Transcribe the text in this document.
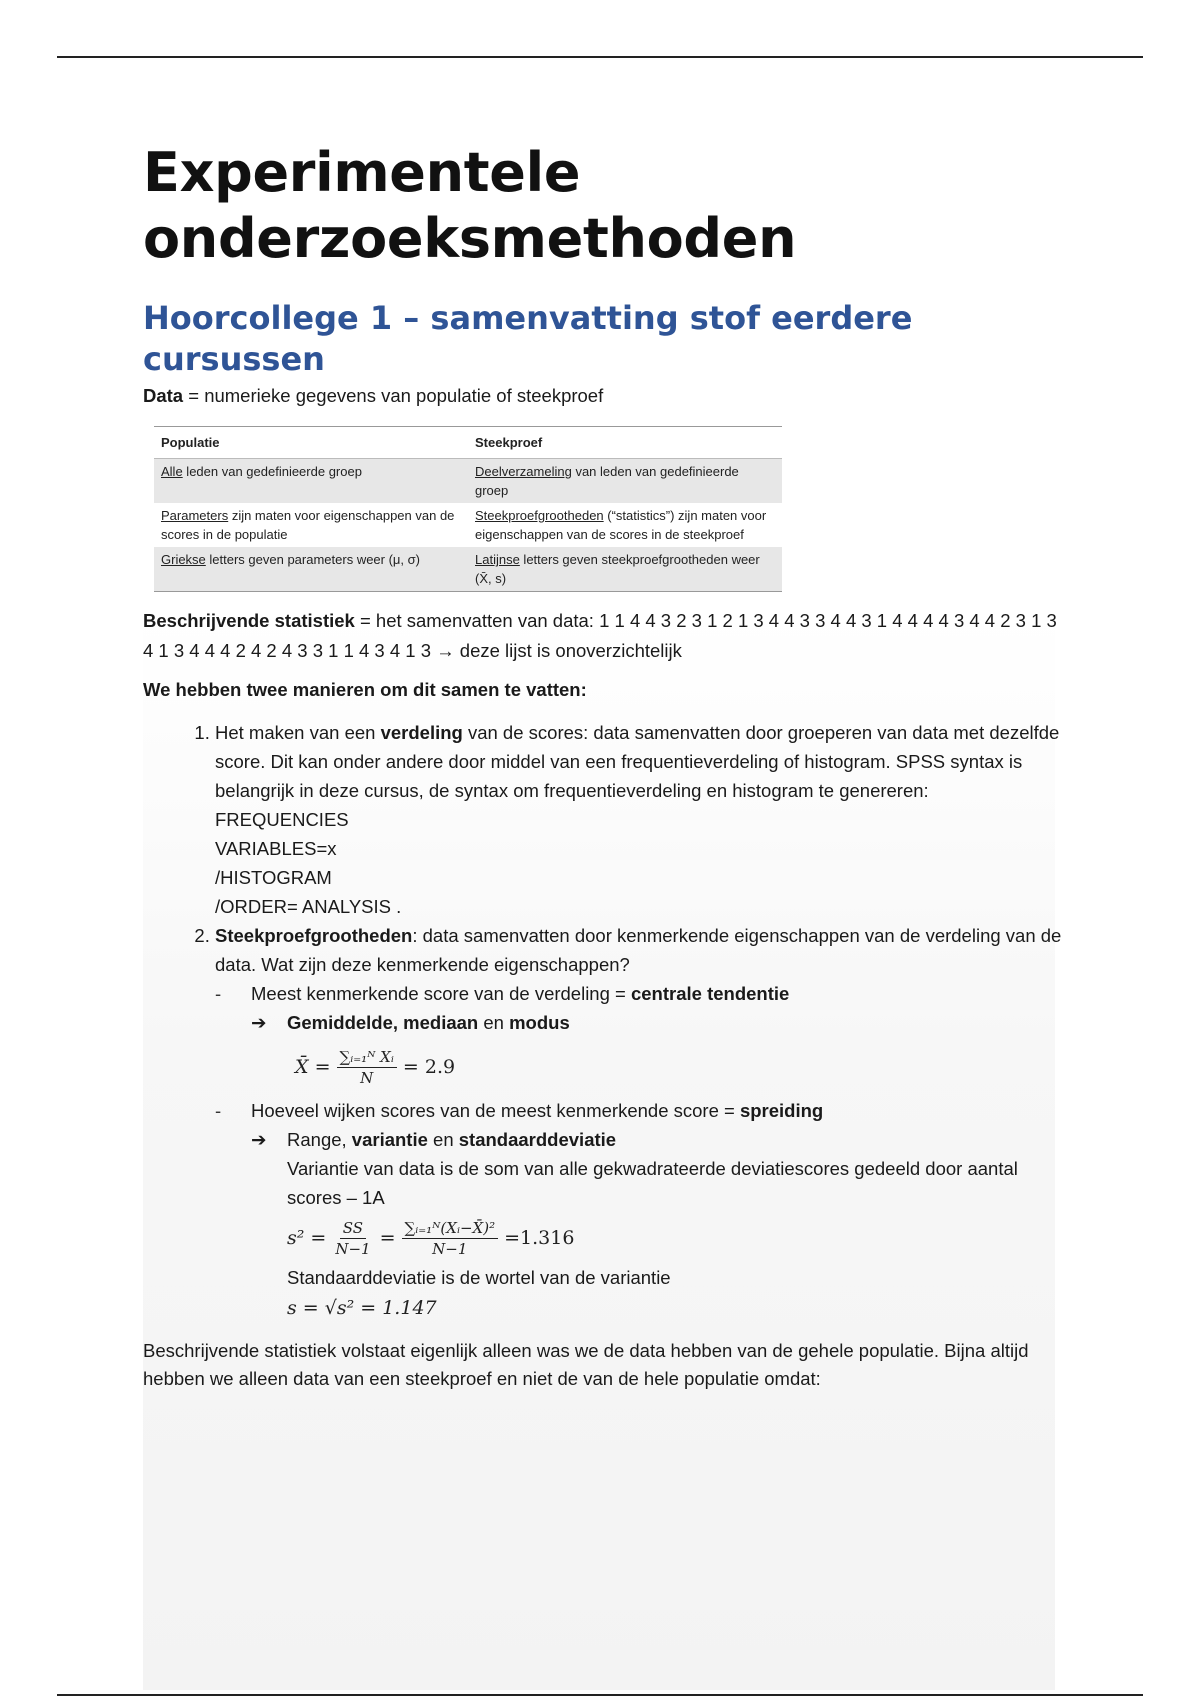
Experimentele onderzoeksmethoden
Hoorcollege 1 – samenvatting stof eerdere cursussen

Data = numerieke gegevens van populatie of steekproef

Populatie	Steekproef
Alle leden van gedefinieerde groep	Deelverzameling van leden van gedefinieerde groep
Parameters zijn maten voor eigenschappen van de scores in de populatie	Steekproefgrootheden (“statistics”) zijn maten voor eigenschappen van de scores in de steekproef
Griekse letters geven parameters weer (μ, σ)	Latijnse letters geven steekproefgrootheden weer (X̄, s)

Beschrijvende statistiek = het samenvatten van data: 1 1 4 4 3 2 3 1 2 1 3 4 4 3 3 4 4 3 1 4 4 4 4 3 4 4 2 3 1 3 4 1 3 4 4 4 2 4 2 4 3 3 1 1 4 3 4 1 3 → deze lijst is onoverzichtelijk

We hebben twee manieren om dit samen te vatten:

1. Het maken van een verdeling van de scores: data samenvatten door groeperen van data met dezelfde score. Dit kan onder andere door middel van een frequentieverdeling of histogram. SPSS syntax is belangrijk in deze cursus, de syntax om frequentieverdeling en histogram te genereren:
FREQUENCIES
VARIABLES=x
/HISTOGRAM
/ORDER= ANALYSIS .
2. Steekproefgrootheden: data samenvatten door kenmerkende eigenschappen van de verdeling van de data. Wat zijn deze kenmerkende eigenschappen?
- Meest kenmerkende score van de verdeling = centrale tendentie
➔ Gemiddelde, mediaan en modus
X̄ = $\frac{\text{∑ᵢ₌₁ᴺ Xᵢ}}{N} = 2.9$
- Hoeveel wijken scores van de meest kenmerkende score = spreiding
➔ Range, variantie en standaarddeviatie
Variantie van data is de som van alle gekwadrateerde deviatiescores gedeeld door aantal scores – 1A
$s^2 = \frac{SS}{N-1} = \frac{\text{∑ᵢ₌₁ᴺ(Xᵢ−X̄)²}}{N-1} =1.316$
Standaarddeviatie is de wortel van de variantie
s = √s² = 1.147

Beschrijvende statistiek volstaat eigenlijk alleen was we de data hebben van de gehele populatie. Bijna altijd hebben we alleen data van een steekproef en niet de van de hele populatie omdat:
